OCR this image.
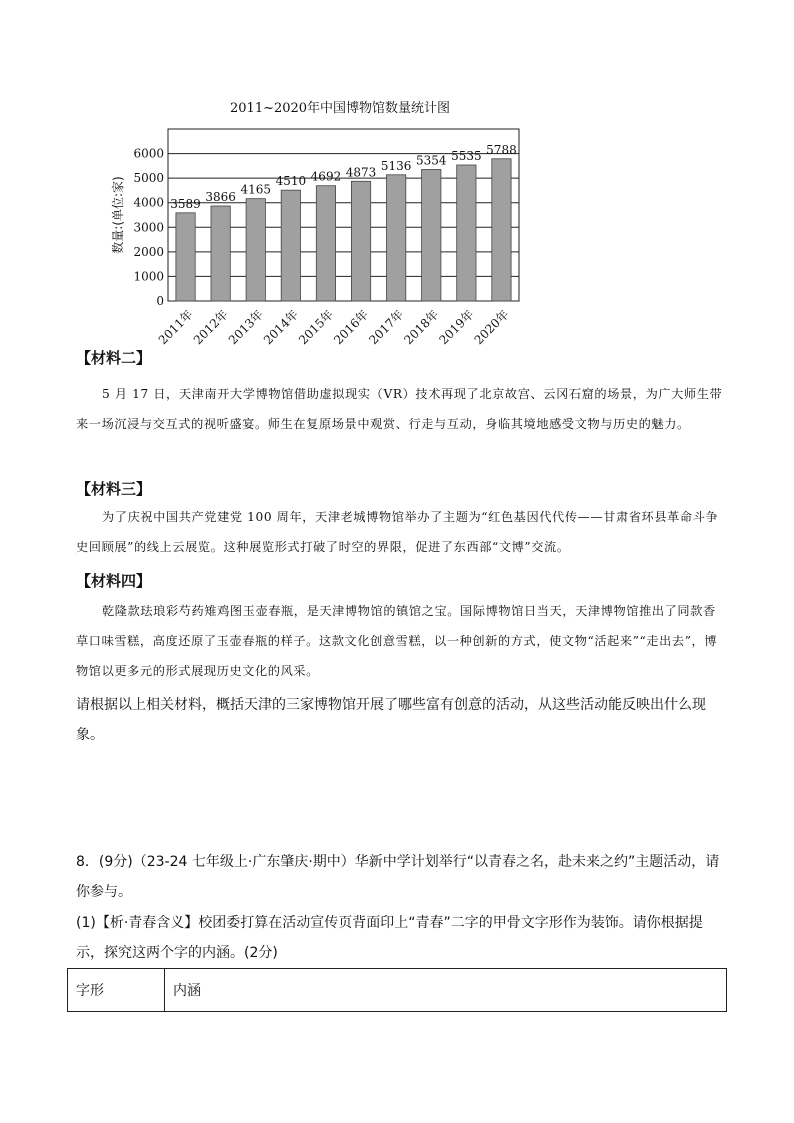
2011~2020年中国博物馆数量统计图
0
1000
2000
3000
4000
5000
6000
数量:(单位:家)	3589
2011年
3866
2012年
4165
2013年
4510
2014年
4692
2015年
4873
2016年
5136
2017年
5354
2018年
5535
2019年
5788
2020年
【材料二】
5 月 17 日，天津南开大学博物馆借助虚拟现实（VR）技术再现了北京故宫、云冈石窟的场景，为广大师生带来一场沉浸与交互式的视听盛宴。师生在复原场景中观赏、行走与互动，身临其境地感受文物与历史的魅力。
【材料三】
为了庆祝中国共产党建党 100 周年，天津老城博物馆举办了主题为“红色基因代代传——甘肃省环县革命斗争史回顾展”的线上云展览。这种展览形式打破了时空的界限，促进了东西部“文博”交流。
【材料四】
乾隆款珐琅彩芍药雉鸡图玉壶春瓶，是天津博物馆的镇馆之宝。国际博物馆日当天，天津博物馆推出了同款香草口味雪糕，高度还原了玉壶春瓶的样子。这款文化创意雪糕，以一种创新的方式，使文物“活起来”“走出去”，博物馆以更多元的形式展现历史文化的风采。
请根据以上相关材料，概括天津的三家博物馆开展了哪些富有创意的活动，从这些活动能反映出什么现象。
8．(9分)（23-24 七年级上·广东肇庆·期中）华新中学计划举行“以青春之名，赴未来之约”主题活动，请你参与。
(1)【析·青春含义】校团委打算在活动宣传页背面印上“青春”二字的甲骨文字形作为装饰。请你根据提示，探究这两个字的内涵。(2分)
字形	内涵
